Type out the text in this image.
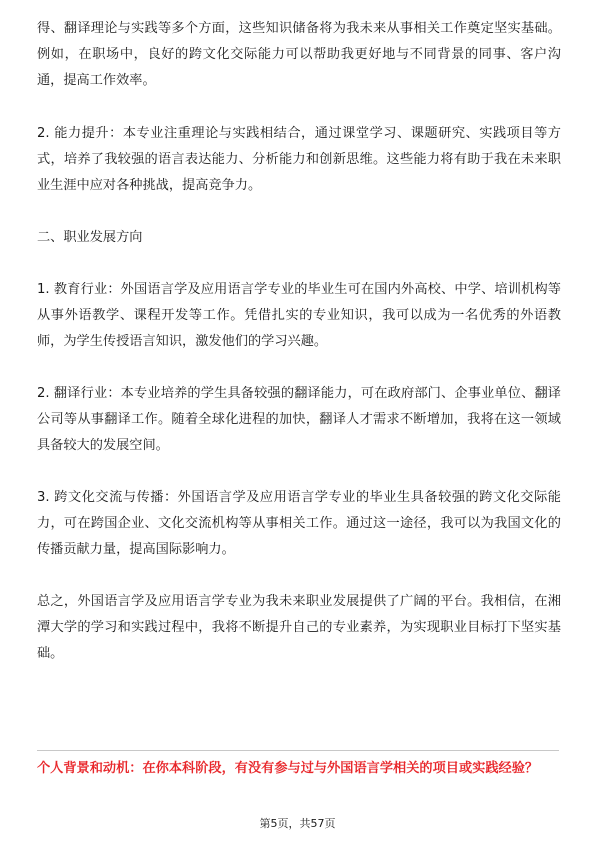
得、翻译理论与实践等多个方面，这些知识储备将为我未来从事相关工作奠定坚实基础。例如，在职场中，良好的跨文化交际能力可以帮助我更好地与不同背景的同事、客户沟通，提高工作效率。

2. 能力提升：本专业注重理论与实践相结合，通过课堂学习、课题研究、实践项目等方式，培养了我较强的语言表达能力、分析能力和创新思维。这些能力将有助于我在未来职业生涯中应对各种挑战，提高竞争力。

二、职业发展方向

1. 教育行业：外国语言学及应用语言学专业的毕业生可在国内外高校、中学、培训机构等从事外语教学、课程开发等工作。凭借扎实的专业知识，我可以成为一名优秀的外语教师，为学生传授语言知识，激发他们的学习兴趣。

2. 翻译行业：本专业培养的学生具备较强的翻译能力，可在政府部门、企事业单位、翻译公司等从事翻译工作。随着全球化进程的加快，翻译人才需求不断增加，我将在这一领域具备较大的发展空间。

3. 跨文化交流与传播：外国语言学及应用语言学专业的毕业生具备较强的跨文化交际能力，可在跨国企业、文化交流机构等从事相关工作。通过这一途径，我可以为我国文化的传播贡献力量，提高国际影响力。

总之，外国语言学及应用语言学专业为我未来职业发展提供了广阔的平台。我相信，在湘潭大学的学习和实践过程中，我将不断提升自己的专业素养，为实现职业目标打下坚实基础。

个人背景和动机：在你本科阶段，有没有参与过与外国语言学相关的项目或实践经验？
第5页，共57页
